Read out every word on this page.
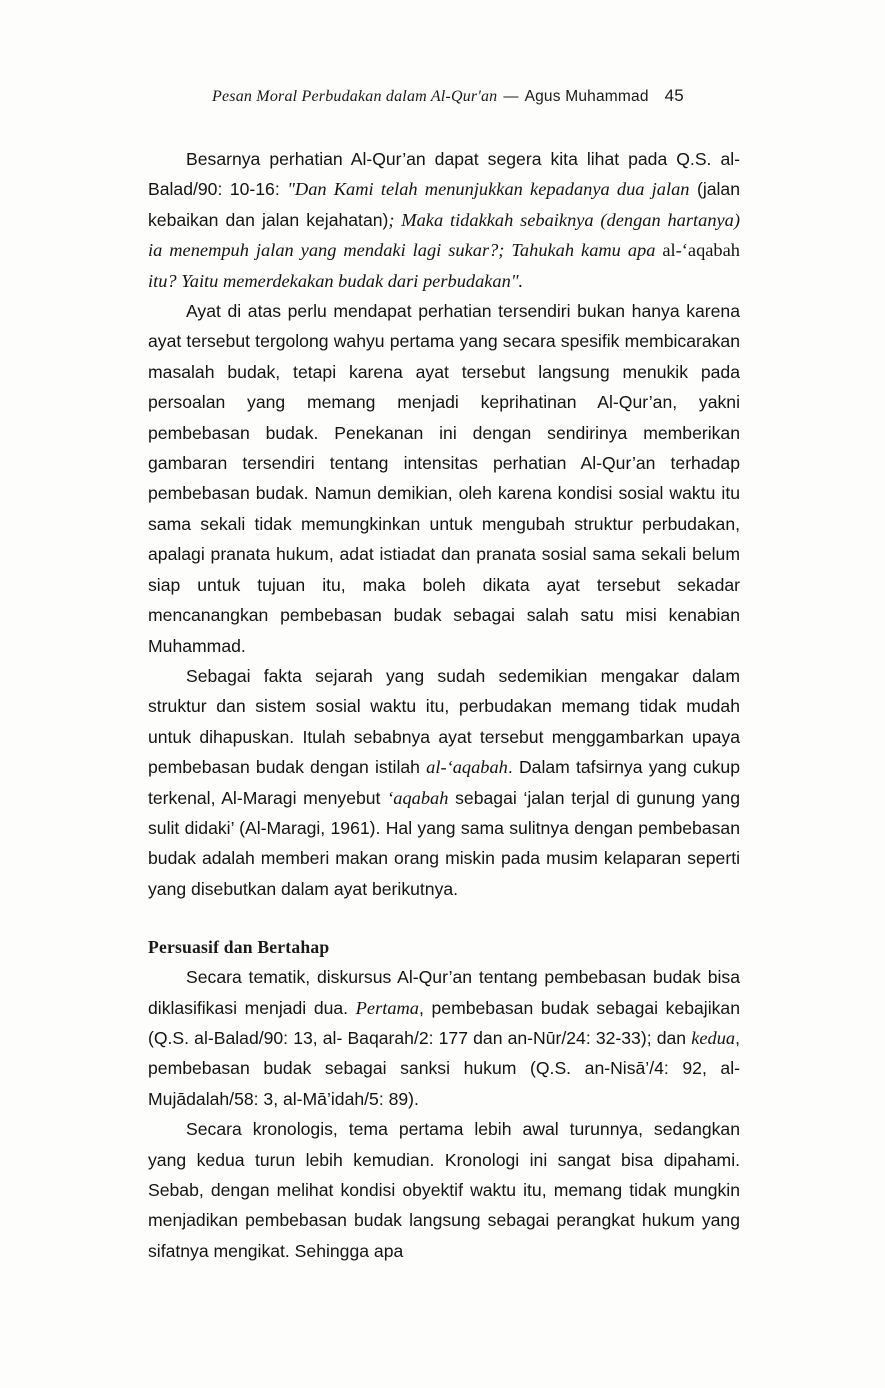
Pesan Moral Perbudakan dalam Al-Qur'an — Agus Muhammad 45

Besarnya perhatian Al-Qur’an dapat segera kita lihat pada Q.S. al-Balad/90: 10-16: "Dan Kami telah menunjukkan kepadanya dua jalan (jalan kebaikan dan jalan kejahatan); Maka tidakkah sebaiknya (dengan hartanya) ia menempuh jalan yang mendaki lagi sukar?; Tahukah kamu apa al-‘aqabah itu? Yaitu memerdekakan budak dari perbudakan".

Ayat di atas perlu mendapat perhatian tersendiri bukan hanya karena ayat tersebut tergolong wahyu pertama yang secara spesifik membicarakan masalah budak, tetapi karena ayat tersebut langsung menukik pada persoalan yang memang menjadi keprihatinan Al-Qur’an, yakni pembebasan budak. Penekanan ini dengan sendirinya memberikan gambaran tersendiri tentang intensitas perhatian Al-Qur’an terhadap pembebasan budak. Namun demikian, oleh karena kondisi sosial waktu itu sama sekali tidak memungkinkan untuk mengubah struktur perbudakan, apalagi pranata hukum, adat istiadat dan pranata sosial sama sekali belum siap untuk tujuan itu, maka boleh dikata ayat tersebut sekadar mencanangkan pembebasan budak sebagai salah satu misi kenabian Muhammad.

Sebagai fakta sejarah yang sudah sedemikian mengakar dalam struktur dan sistem sosial waktu itu, perbudakan memang tidak mudah untuk dihapuskan. Itulah sebabnya ayat tersebut menggambarkan upaya pembebasan budak dengan istilah al-‘aqabah. Dalam tafsirnya yang cukup terkenal, Al-Maragi menyebut ‘aqabah sebagai ‘jalan terjal di gunung yang sulit didaki’ (Al-Maragi, 1961). Hal yang sama sulitnya dengan pembebasan budak adalah memberi makan orang miskin pada musim kelaparan seperti yang disebutkan dalam ayat berikutnya.

Persuasif dan Bertahap

Secara tematik, diskursus Al-Qur’an tentang pembebasan budak bisa diklasifikasi menjadi dua. Pertama, pembebasan budak sebagai kebajikan (Q.S. al-Balad/90: 13, al- Baqarah/2: 177 dan an-Nūr/24: 32-33); dan kedua, pembebasan budak sebagai sanksi hukum (Q.S. an-Nisā’/4: 92, al-Mujādalah/58: 3, al-Mā’idah/5: 89).

Secara kronologis, tema pertama lebih awal turunnya, sedangkan yang kedua turun lebih kemudian. Kronologi ini sangat bisa dipahami. Sebab, dengan melihat kondisi obyektif waktu itu, memang tidak mungkin menjadikan pembebasan budak langsung sebagai perangkat hukum yang sifatnya mengikat. Sehingga apa
